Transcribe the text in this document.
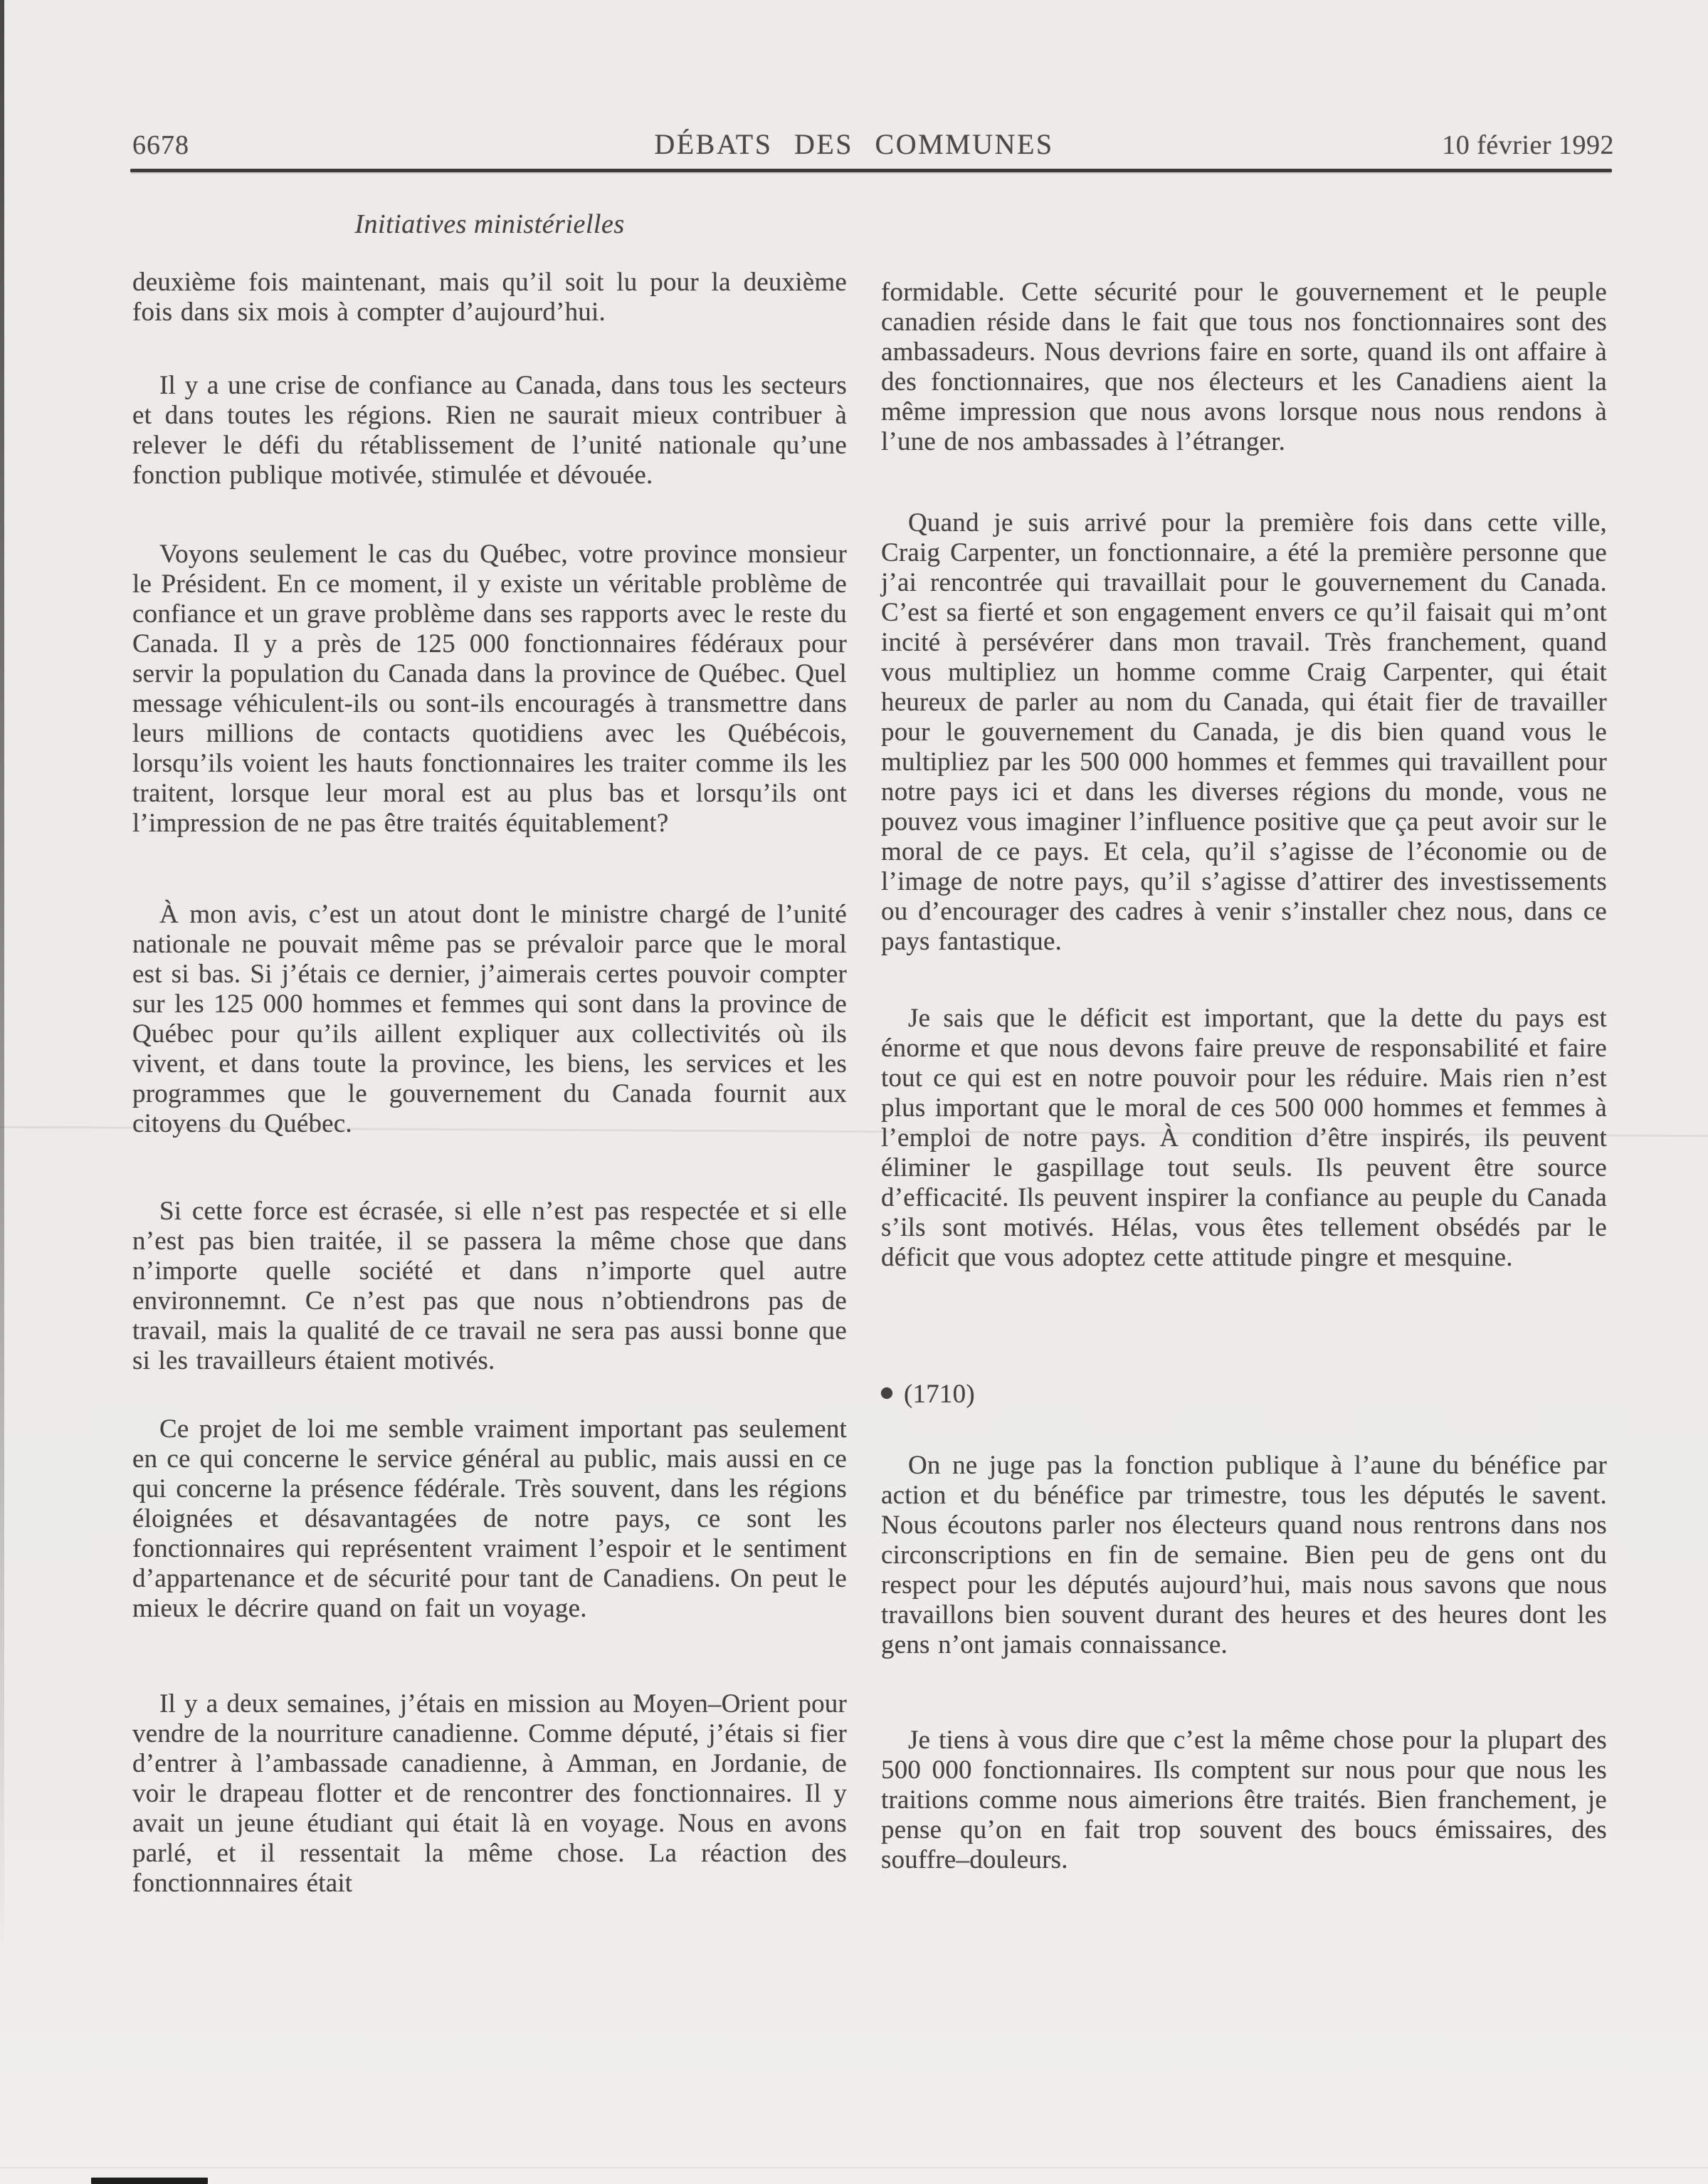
6678	DÉBATS DES COMMUNES	10 février 1992
Initiatives ministérielles

deuxième fois maintenant, mais qu’il soit lu pour la deuxième fois dans six mois à compter d’aujourd’hui.

Il y a une crise de confiance au Canada, dans tous les secteurs et dans toutes les régions. Rien ne saurait mieux contribuer à relever le défi du rétablissement de l’unité nationale qu’une fonction publique motivée, stimulée et dévouée.

Voyons seulement le cas du Québec, votre province monsieur le Président. En ce moment, il y existe un véritable problème de confiance et un grave problème dans ses rapports avec le reste du Canada. Il y a près de 125 000 fonctionnaires fédéraux pour servir la population du Canada dans la province de Québec. Quel message véhiculent-ils ou sont-ils encouragés à transmettre dans leurs millions de contacts quotidiens avec les Québécois, lorsqu’ils voient les hauts fonctionnaires les traiter comme ils les traitent, lorsque leur moral est au plus bas et lorsqu’ils ont l’impression de ne pas être traités équitablement?

À mon avis, c’est un atout dont le ministre chargé de l’unité nationale ne pouvait même pas se prévaloir parce que le moral est si bas. Si j’étais ce dernier, j’aimerais certes pouvoir compter sur les 125 000 hommes et femmes qui sont dans la province de Québec pour qu’ils aillent expliquer aux collectivités où ils vivent, et dans toute la province, les biens, les services et les programmes que le gouvernement du Canada fournit aux citoyens du Québec.

Si cette force est écrasée, si elle n’est pas respectée et si elle n’est pas bien traitée, il se passera la même chose que dans n’importe quelle société et dans n’importe quel autre environnemnt. Ce n’est pas que nous n’obtiendrons pas de travail, mais la qualité de ce travail ne sera pas aussi bonne que si les travailleurs étaient motivés.

Ce projet de loi me semble vraiment important pas seulement en ce qui concerne le service général au public, mais aussi en ce qui concerne la présence fédérale. Très souvent, dans les régions éloignées et désavantagées de notre pays, ce sont les fonctionnaires qui représentent vraiment l’espoir et le sentiment d’appartenance et de sécurité pour tant de Canadiens. On peut le mieux le décrire quand on fait un voyage.

Il y a deux semaines, j’étais en mission au Moyen–Orient pour vendre de la nourriture canadienne. Comme député, j’étais si fier d’entrer à l’ambassade canadienne, à Amman, en Jordanie, de voir le drapeau flotter et de rencontrer des fonctionnaires. Il y avait un jeune étudiant qui était là en voyage. Nous en avons parlé, et il ressentait la même chose. La réaction des fonctionnnaires était

formidable. Cette sécurité pour le gouvernement et le peuple canadien réside dans le fait que tous nos fonctionnaires sont des ambassadeurs. Nous devrions faire en sorte, quand ils ont affaire à des fonctionnaires, que nos électeurs et les Canadiens aient la même impression que nous avons lorsque nous nous rendons à l’une de nos ambassades à l’étranger.

Quand je suis arrivé pour la première fois dans cette ville, Craig Carpenter, un fonctionnaire, a été la première personne que j’ai rencontrée qui travaillait pour le gouvernement du Canada. C’est sa fierté et son engagement envers ce qu’il faisait qui m’ont incité à persévérer dans mon travail. Très franchement, quand vous multipliez un homme comme Craig Carpenter, qui était heureux de parler au nom du Canada, qui était fier de travailler pour le gouvernement du Canada, je dis bien quand vous le multipliez par les 500 000 hommes et femmes qui travaillent pour notre pays ici et dans les diverses régions du monde, vous ne pouvez vous imaginer l’influence positive que ça peut avoir sur le moral de ce pays. Et cela, qu’il s’agisse de l’économie ou de l’image de notre pays, qu’il s’agisse d’attirer des investissements ou d’encourager des cadres à venir s’installer chez nous, dans ce pays fantastique.

Je sais que le déficit est important, que la dette du pays est énorme et que nous devons faire preuve de responsabilité et faire tout ce qui est en notre pouvoir pour les réduire. Mais rien n’est plus important que le moral de ces 500 000 hommes et femmes à l’emploi de notre pays. À condition d’être inspirés, ils peuvent éliminer le gaspillage tout seuls. Ils peuvent être source d’efficacité. Ils peuvent inspirer la confiance au peuple du Canada s’ils sont motivés. Hélas, vous êtes tellement obsédés par le déficit que vous adoptez cette attitude pingre et mesquine.

(1710)

On ne juge pas la fonction publique à l’aune du bénéfice par action et du bénéfice par trimestre, tous les députés le savent. Nous écoutons parler nos électeurs quand nous rentrons dans nos circonscriptions en fin de semaine. Bien peu de gens ont du respect pour les députés aujourd’hui, mais nous savons que nous travaillons bien souvent durant des heures et des heures dont les gens n’ont jamais connaissance.

Je tiens à vous dire que c’est la même chose pour la plupart des 500 000 fonctionnaires. Ils comptent sur nous pour que nous les traitions comme nous aimerions être traités. Bien franchement, je pense qu’on en fait trop souvent des boucs émissaires, des souffre–douleurs.
